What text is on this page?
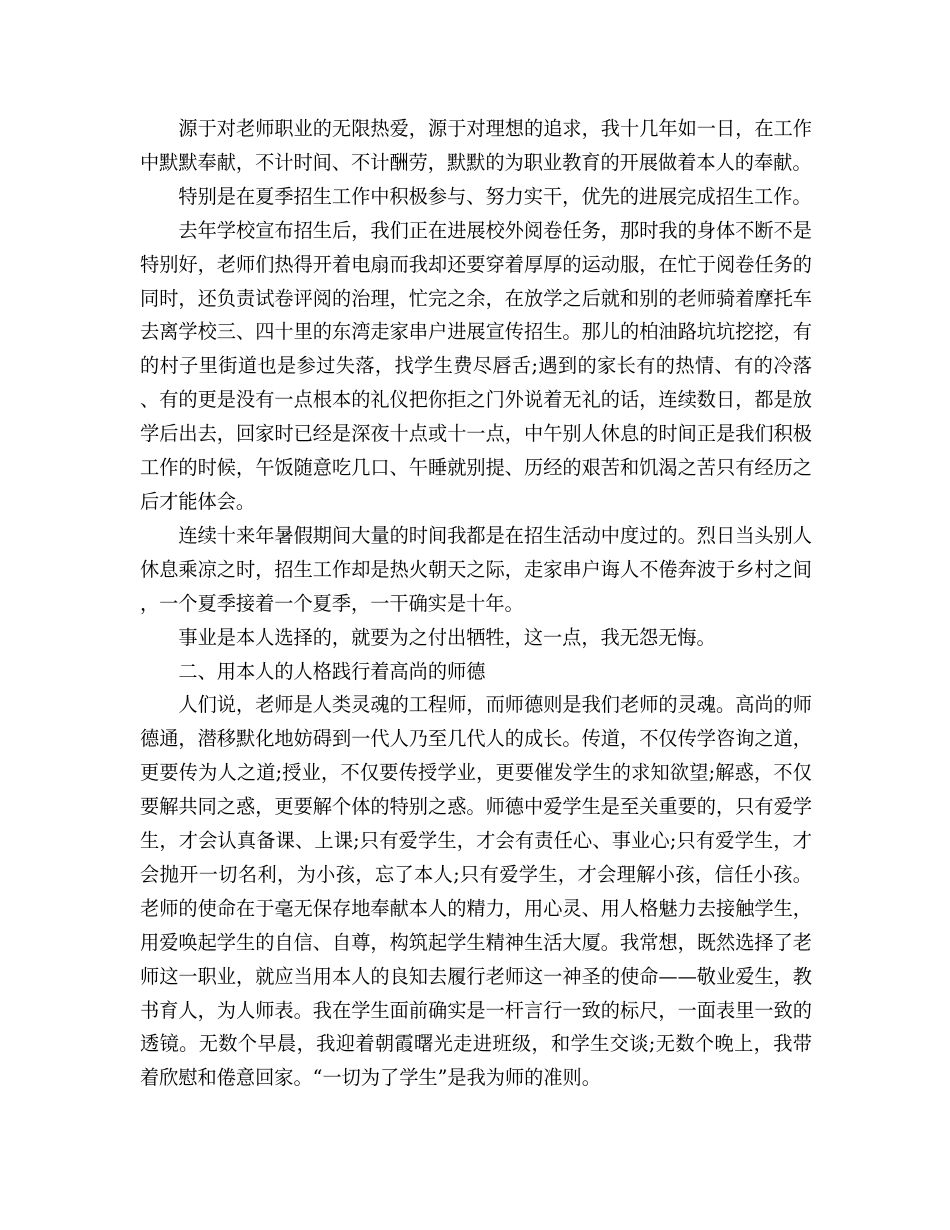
源于对老师职业的无限热爱，源于对理想的追求，我十几年如一日，在工作中默默奉献，不计时间、不计酬劳，默默的为职业教育的开展做着本人的奉献。

特别是在夏季招生工作中积极参与、努力实干，优先的进展完成招生工作。

去年学校宣布招生后，我们正在进展校外阅卷任务，那时我的身体不断不是特别好，老师们热得开着电扇而我却还要穿着厚厚的运动服，在忙于阅卷任务的同时，还负责试卷评阅的治理，忙完之余，在放学之后就和别的老师骑着摩托车去离学校三、四十里的东湾走家串户进展宣传招生。那儿的柏油路坑坑挖挖，有的村子里街道也是参过失落，找学生费尽唇舌;遇到的家长有的热情、有的冷落、有的更是没有一点根本的礼仪把你拒之门外说着无礼的话，连续数日，都是放学后出去，回家时已经是深夜十点或十一点，中午别人休息的时间正是我们积极工作的时候，午饭随意吃几口、午睡就别提、历经的艰苦和饥渴之苦只有经历之后才能体会。

连续十来年暑假期间大量的时间我都是在招生活动中度过的。烈日当头别人休息乘凉之时，招生工作却是热火朝天之际，走家串户诲人不倦奔波于乡村之间，一个夏季接着一个夏季，一干确实是十年。

事业是本人选择的，就要为之付出牺牲，这一点，我无怨无悔。

二、用本人的人格践行着高尚的师德

人们说，老师是人类灵魂的工程师，而师德则是我们老师的灵魂。高尚的师德通，潜移默化地妨碍到一代人乃至几代人的成长。传道，不仅传学咨询之道，更要传为人之道;授业，不仅要传授学业，更要催发学生的求知欲望;解惑，不仅要解共同之惑，更要解个体的特别之惑。师德中爱学生是至关重要的，只有爱学生，才会认真备课、上课;只有爱学生，才会有责任心、事业心;只有爱学生，才会抛开一切名利，为小孩，忘了本人;只有爱学生，才会理解小孩，信任小孩。老师的使命在于毫无保存地奉献本人的精力，用心灵、用人格魅力去接触学生，用爱唤起学生的自信、自尊，构筑起学生精神生活大厦。我常想，既然选择了老师这一职业，就应当用本人的良知去履行老师这一神圣的使命——敬业爱生，教书育人，为人师表。我在学生面前确实是一杆言行一致的标尺，一面表里一致的透镜。无数个早晨，我迎着朝霞曙光走进班级，和学生交谈;无数个晚上，我带着欣慰和倦意回家。“一切为了学生”是我为师的准则。
